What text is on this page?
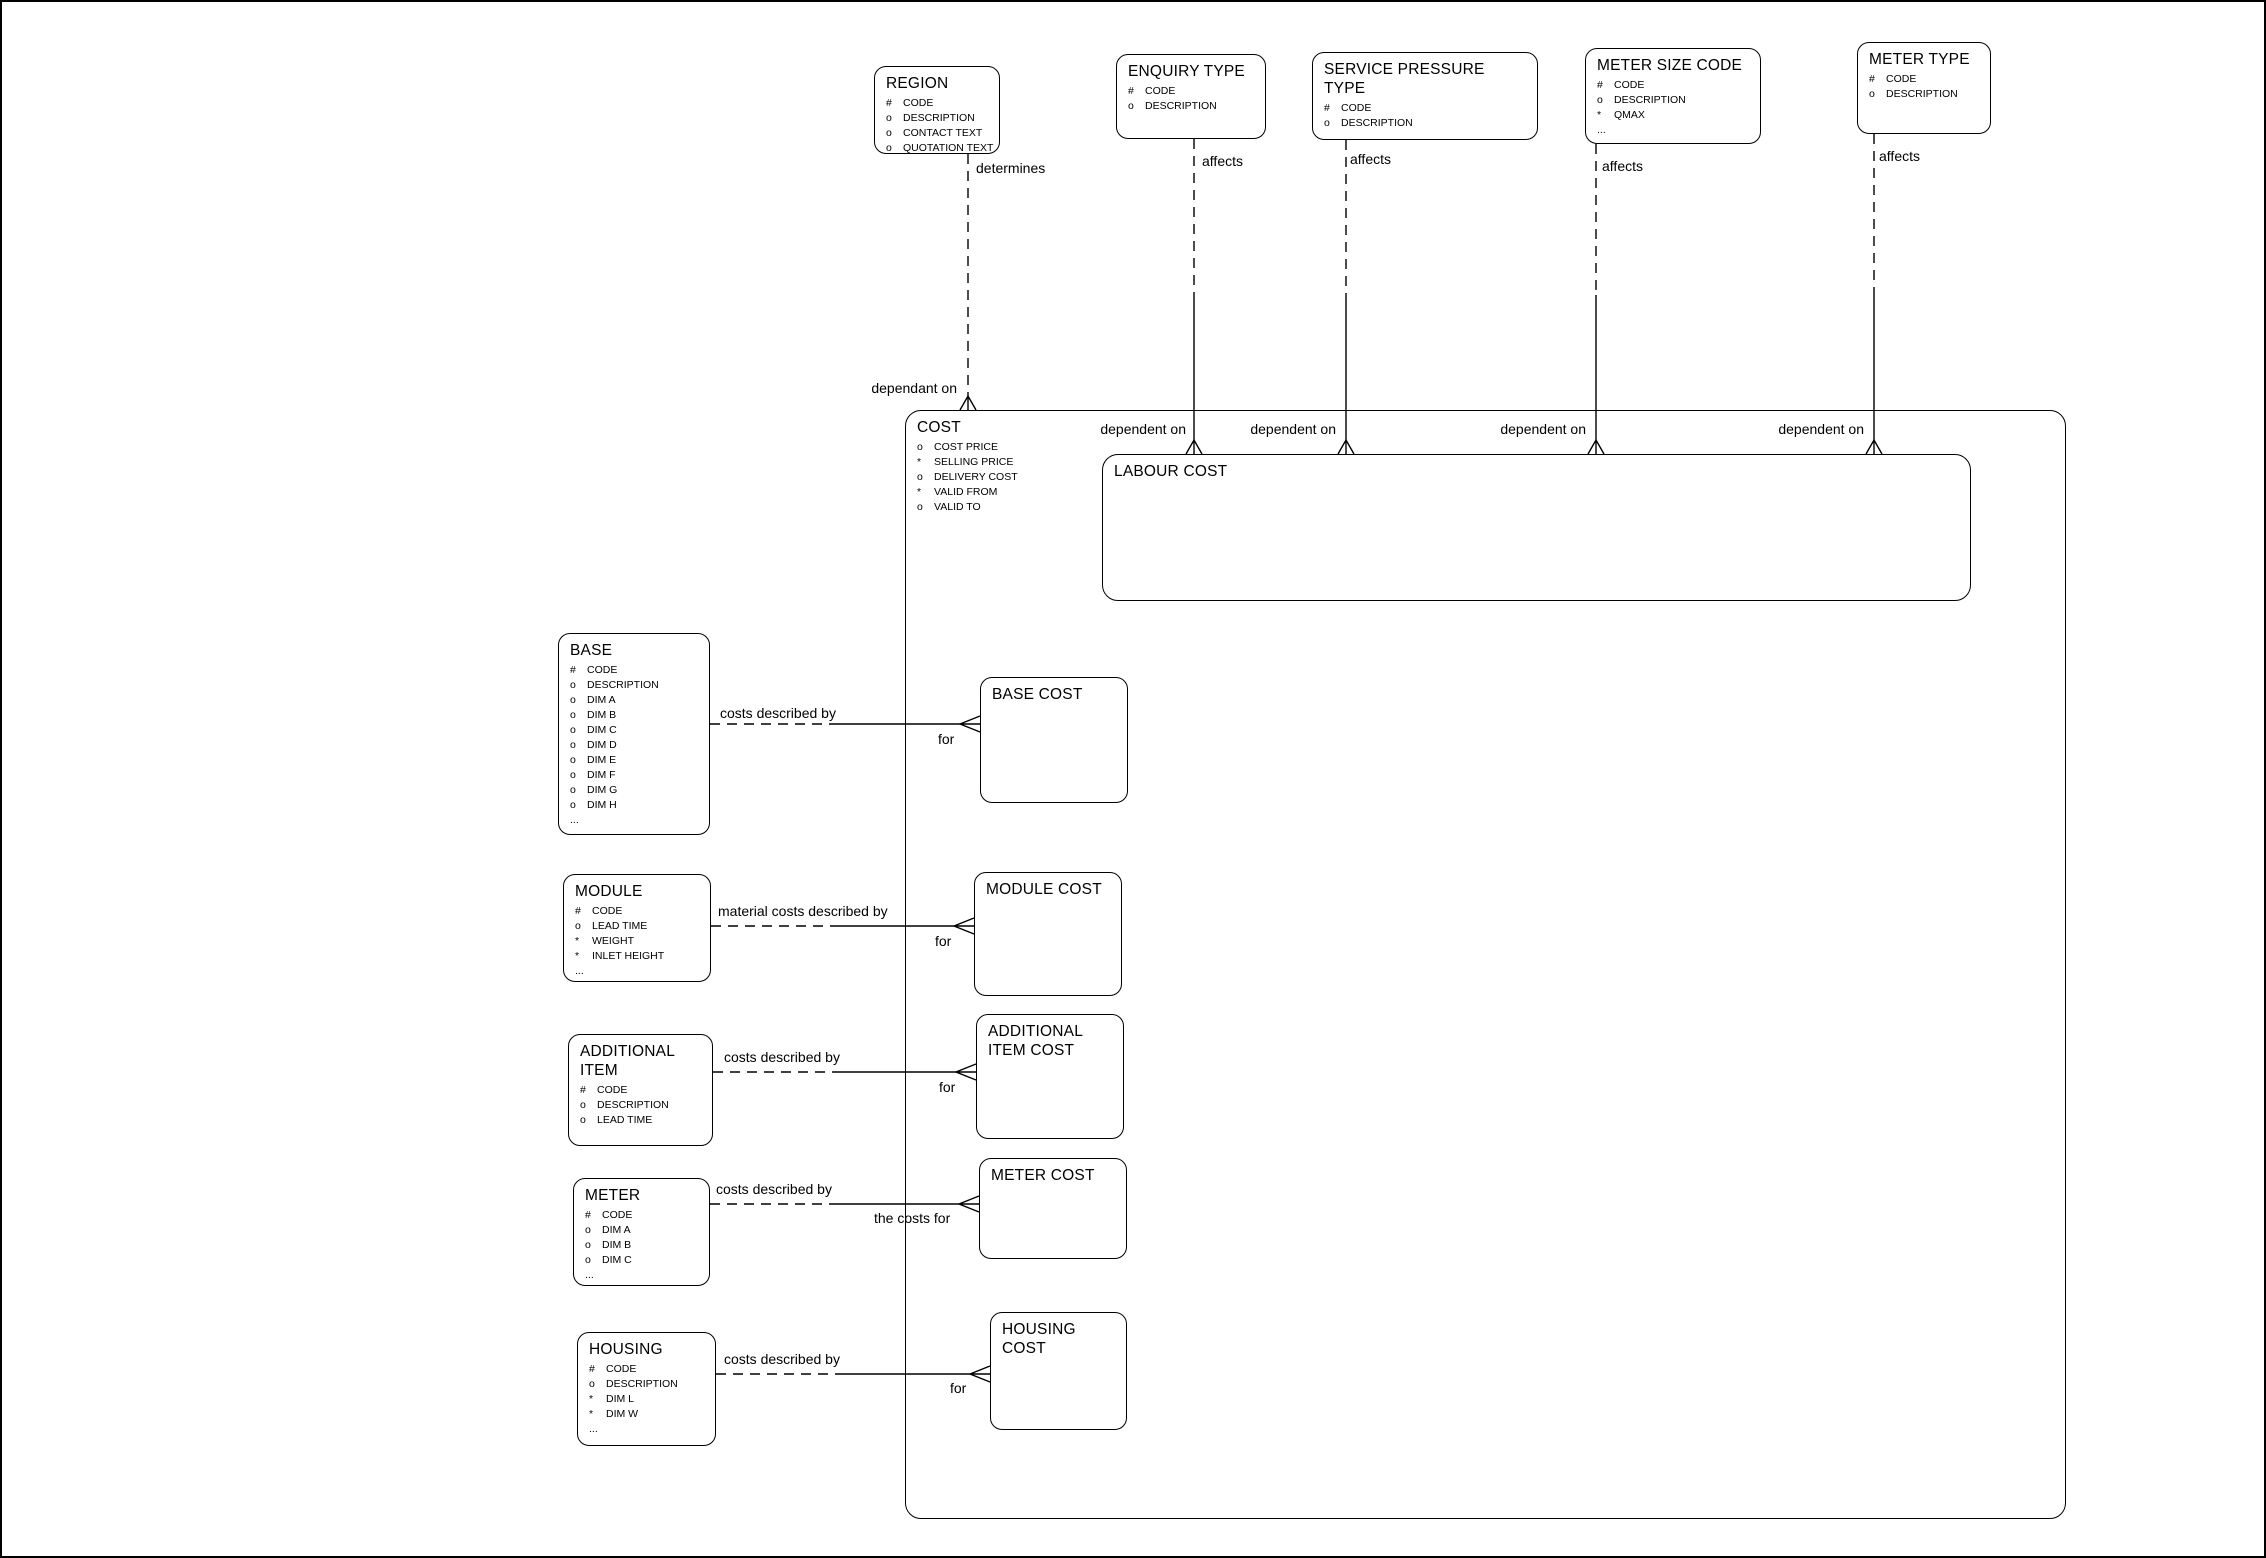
COST
o	COST PRICE
*	SELLING PRICE
o	DELIVERY COST
*	VALID FROM
o	VALID TO
LABOUR COST
REGION
#	CODE
o	DESCRIPTION
o	CONTACT TEXT
o	QUOTATION TEXT
ENQUIRY TYPE
#	CODE
o	DESCRIPTION
SERVICE PRESSURE TYPE
#	CODE
o	DESCRIPTION
METER SIZE CODE
#	CODE
o	DESCRIPTION
*	QMAX
...
METER TYPE
#	CODE
o	DESCRIPTION
BASE
#	CODE
o	DESCRIPTION
o	DIM A
o	DIM B
o	DIM C
o	DIM D
o	DIM E
o	DIM F
o	DIM G
o	DIM H
...
MODULE
#	CODE
o	LEAD TIME
*	WEIGHT
*	INLET HEIGHT
...
ADDITIONAL ITEM
#	CODE
o	DESCRIPTION
o	LEAD TIME
METER
#	CODE
o	DIM A
o	DIM B
o	DIM C
...
HOUSING
#	CODE
o	DESCRIPTION
*	DIM L
*	DIM W
...
BASE COST
MODULE COST
ADDITIONAL ITEM COST
METER COST
HOUSING COST
determines
dependant on
affects	affects	affects
affects
dependent on	dependent on	dependent on	dependent on
costs described by
for
material costs described by
for
costs described by
for
costs described by
the costs for
costs described by
for
